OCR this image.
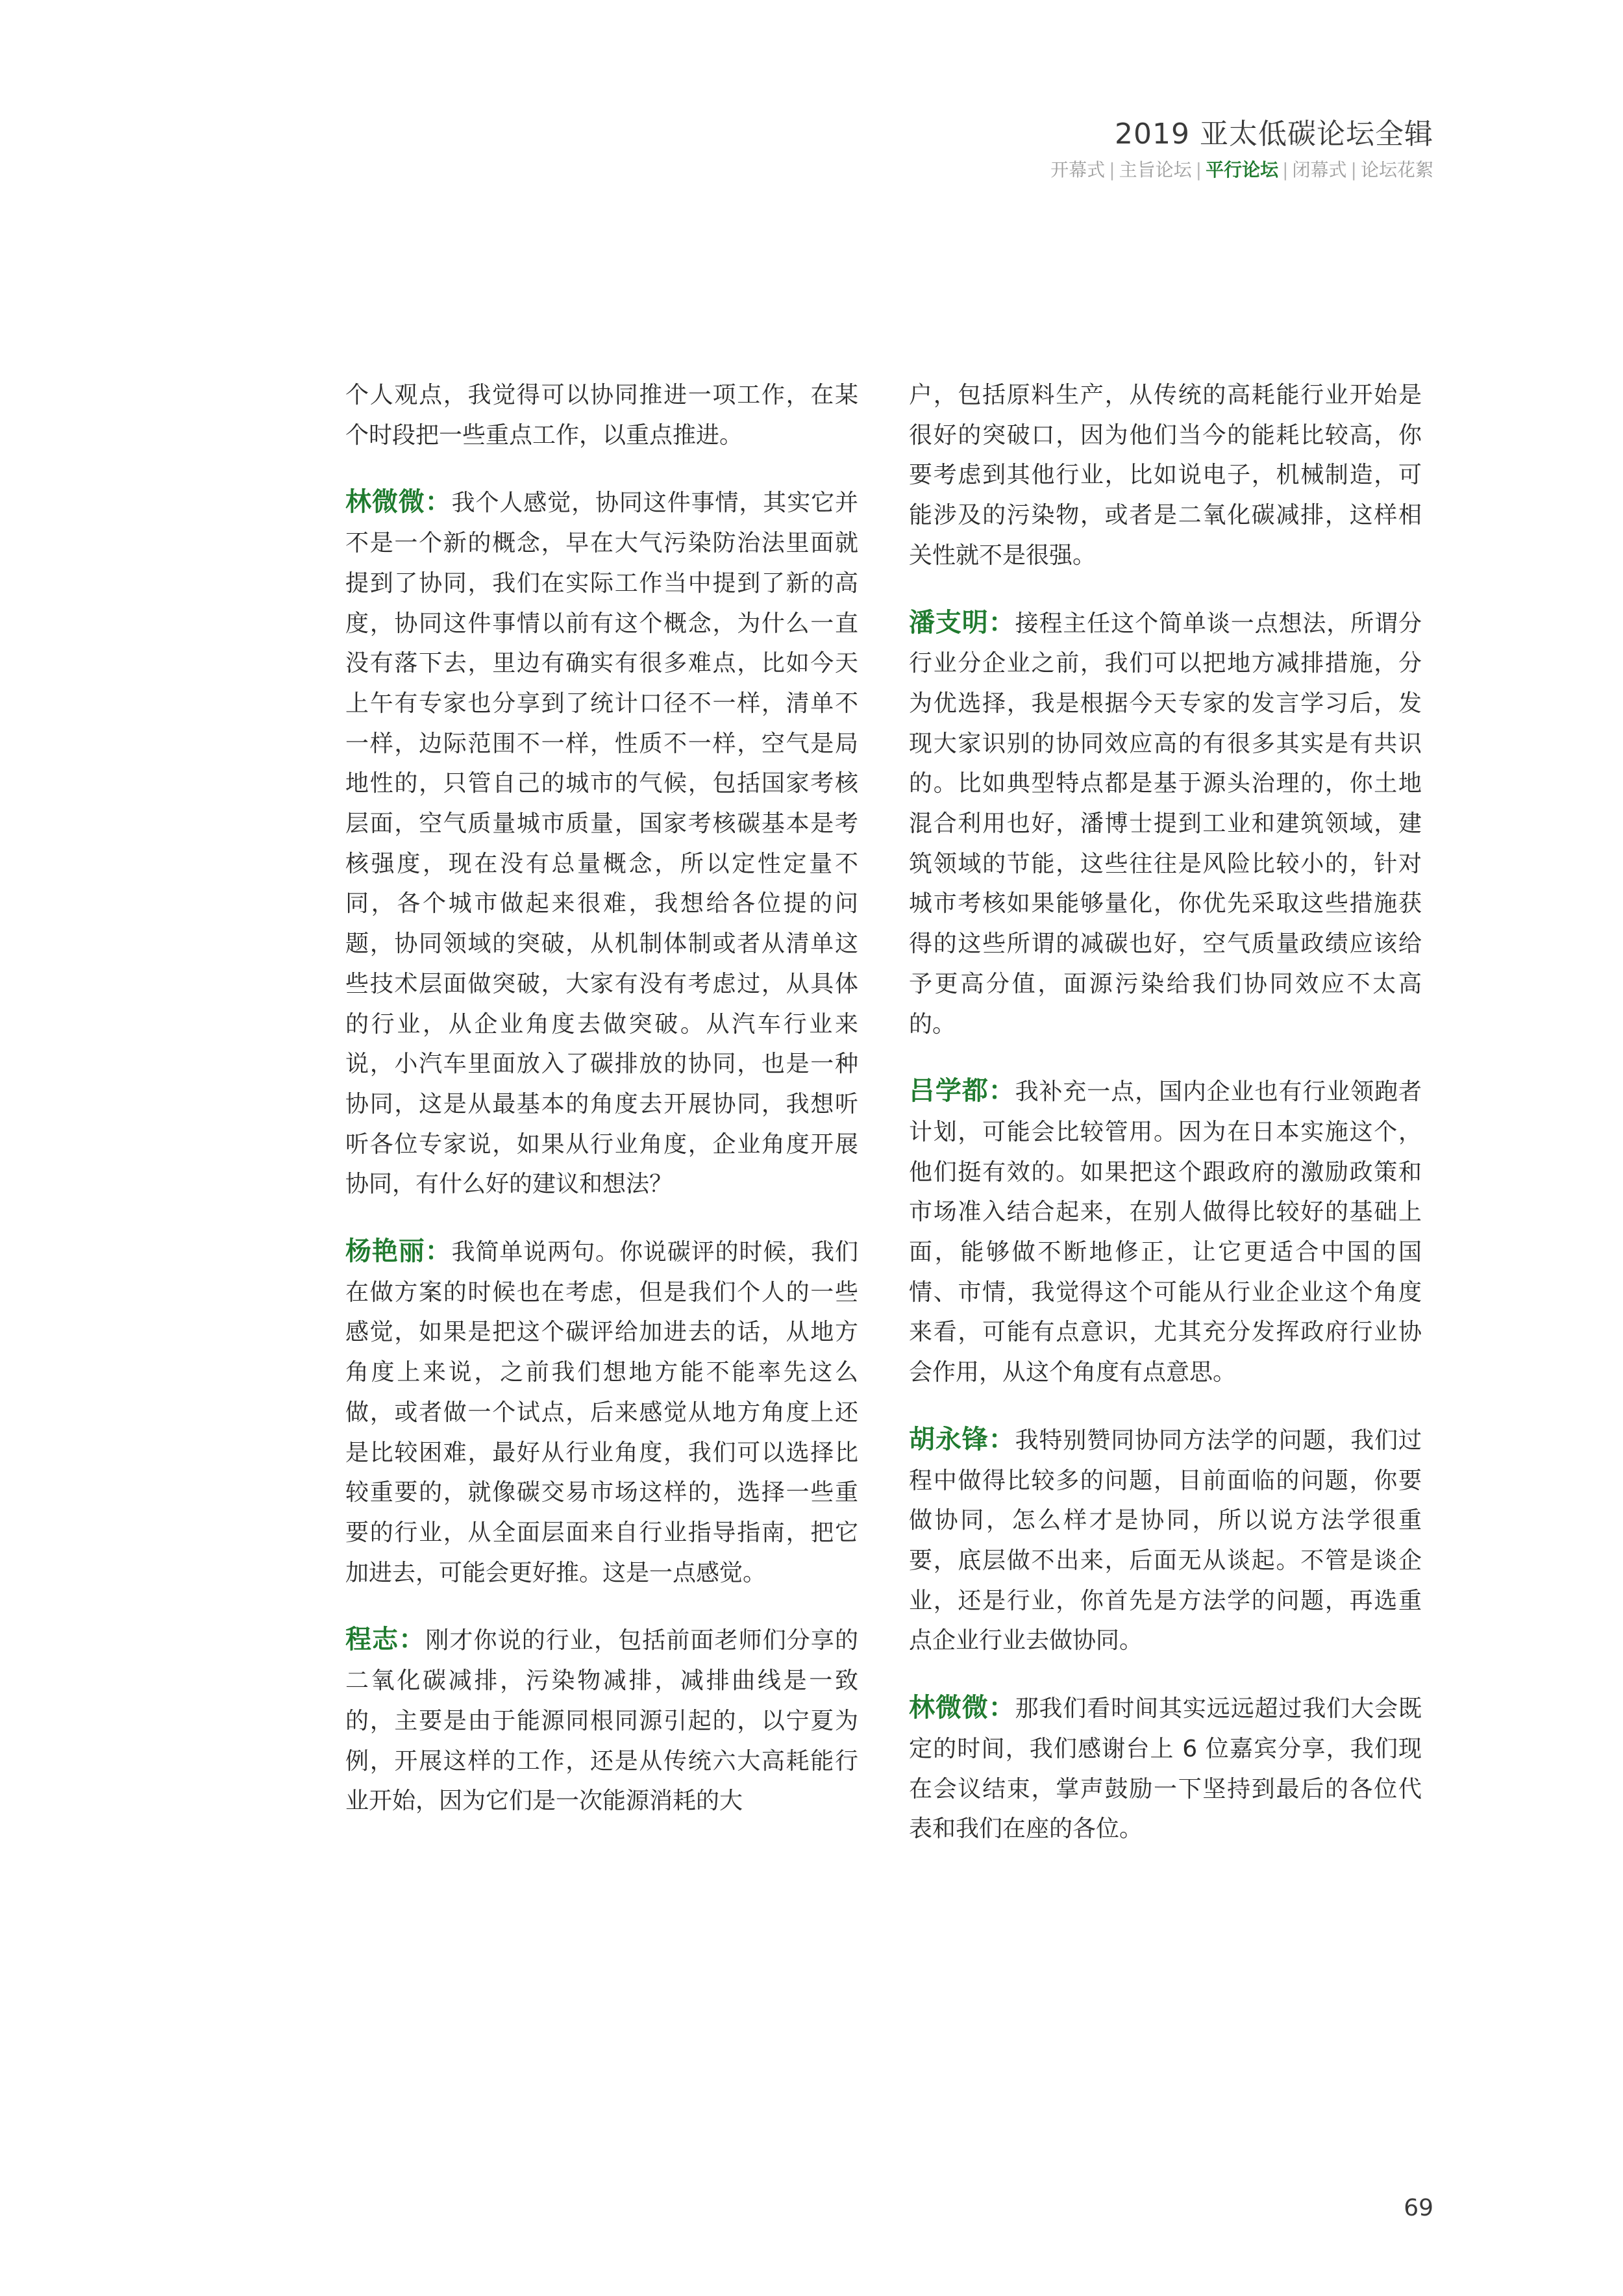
2019 亚太低碳论坛全辑
开幕式 | 主旨论坛 | 平行论坛 | 闭幕式 | 论坛花絮

个人观点，我觉得可以协同推进一项工作，在某个时段把一些重点工作，以重点推进。

林微微：我个人感觉，协同这件事情，其实它并不是一个新的概念，早在大气污染防治法里面就提到了协同，我们在实际工作当中提到了新的高度，协同这件事情以前有这个概念，为什么一直没有落下去，里边有确实有很多难点，比如今天上午有专家也分享到了统计口径不一样，清单不一样，边际范围不一样，性质不一样，空气是局地性的，只管自己的城市的气候，包括国家考核层面，空气质量城市质量，国家考核碳基本是考核强度，现在没有总量概念，所以定性定量不同，各个城市做起来很难，我想给各位提的问题，协同领域的突破，从机制体制或者从清单这些技术层面做突破，大家有没有考虑过，从具体的行业，从企业角度去做突破。从汽车行业来说，小汽车里面放入了碳排放的协同，也是一种协同，这是从最基本的角度去开展协同，我想听听各位专家说，如果从行业角度，企业角度开展协同，有什么好的建议和想法？

杨艳丽：我简单说两句。你说碳评的时候，我们在做方案的时候也在考虑，但是我们个人的一些感觉，如果是把这个碳评给加进去的话，从地方角度上来说，之前我们想地方能不能率先这么做，或者做一个试点，后来感觉从地方角度上还是比较困难，最好从行业角度，我们可以选择比较重要的，就像碳交易市场这样的，选择一些重要的行业，从全面层面来自行业指导指南，把它加进去，可能会更好推。这是一点感觉。

程志：刚才你说的行业，包括前面老师们分享的二氧化碳减排，污染物减排，减排曲线是一致的，主要是由于能源同根同源引起的，以宁夏为例，开展这样的工作，还是从传统六大高耗能行业开始，因为它们是一次能源消耗的大

户，包括原料生产，从传统的高耗能行业开始是很好的突破口，因为他们当今的能耗比较高，你要考虑到其他行业，比如说电子，机械制造，可能涉及的污染物，或者是二氧化碳减排，这样相关性就不是很强。

潘支明：接程主任这个简单谈一点想法，所谓分行业分企业之前，我们可以把地方减排措施，分为优选择，我是根据今天专家的发言学习后，发现大家识别的协同效应高的有很多其实是有共识的。比如典型特点都是基于源头治理的，你土地混合利用也好，潘博士提到工业和建筑领域，建筑领域的节能，这些往往是风险比较小的，针对城市考核如果能够量化，你优先采取这些措施获得的这些所谓的减碳也好，空气质量政绩应该给予更高分值，面源污染给我们协同效应不太高的。

吕学都：我补充一点，国内企业也有行业领跑者计划，可能会比较管用。因为在日本实施这个，他们挺有效的。如果把这个跟政府的激励政策和市场准入结合起来，在别人做得比较好的基础上面，能够做不断地修正，让它更适合中国的国情、市情，我觉得这个可能从行业企业这个角度来看，可能有点意识，尤其充分发挥政府行业协会作用，从这个角度有点意思。

胡永锋：我特别赞同协同方法学的问题，我们过程中做得比较多的问题，目前面临的问题，你要做协同，怎么样才是协同，所以说方法学很重要，底层做不出来，后面无从谈起。不管是谈企业，还是行业，你首先是方法学的问题，再选重点企业行业去做协同。

林微微：那我们看时间其实远远超过我们大会既定的时间，我们感谢台上 6 位嘉宾分享，我们现在会议结束，掌声鼓励一下坚持到最后的各位代表和我们在座的各位。

69
